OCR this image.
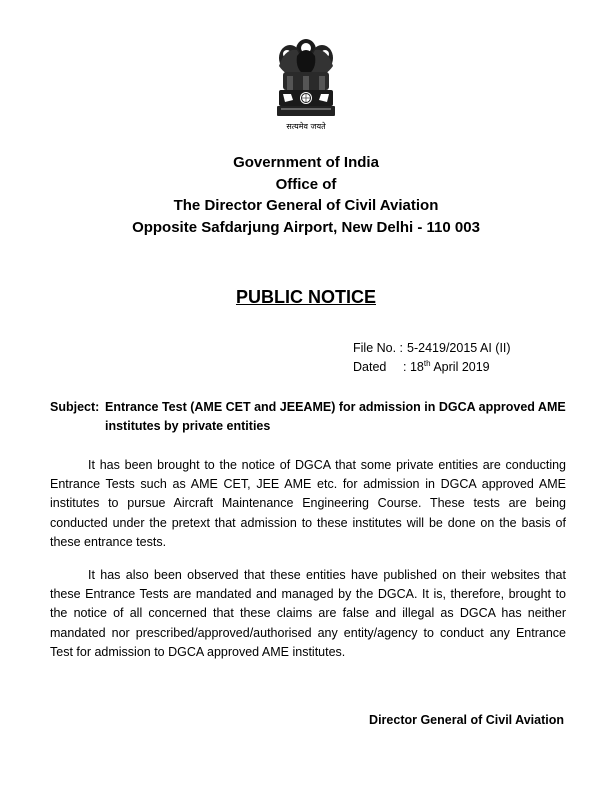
सत्यमेव जयते
Government of India
Office of
The Director General of Civil Aviation
Opposite Safdarjung Airport, New Delhi - 110 003
PUBLIC NOTICE
File No. : 5-2419/2015 AI (II)
Dated : 18th April 2019
Subject: Entrance Test (AME CET and JEEAME) for admission in DGCA approved AME institutes by private entities

It has been brought to the notice of DGCA that some private entities are conducting Entrance Tests such as AME CET, JEE AME etc. for admission in DGCA approved AME institutes to pursue Aircraft Maintenance Engineering Course. These tests are being conducted under the pretext that admission to these institutes will be done on the basis of these entrance tests.

It has also been observed that these entities have published on their websites that these Entrance Tests are mandated and managed by the DGCA. It is, therefore, brought to the notice of all concerned that these claims are false and illegal as DGCA has neither mandated nor prescribed/approved/authorised any entity/agency to conduct any Entrance Test for admission to DGCA approved AME institutes.

Director General of Civil Aviation
